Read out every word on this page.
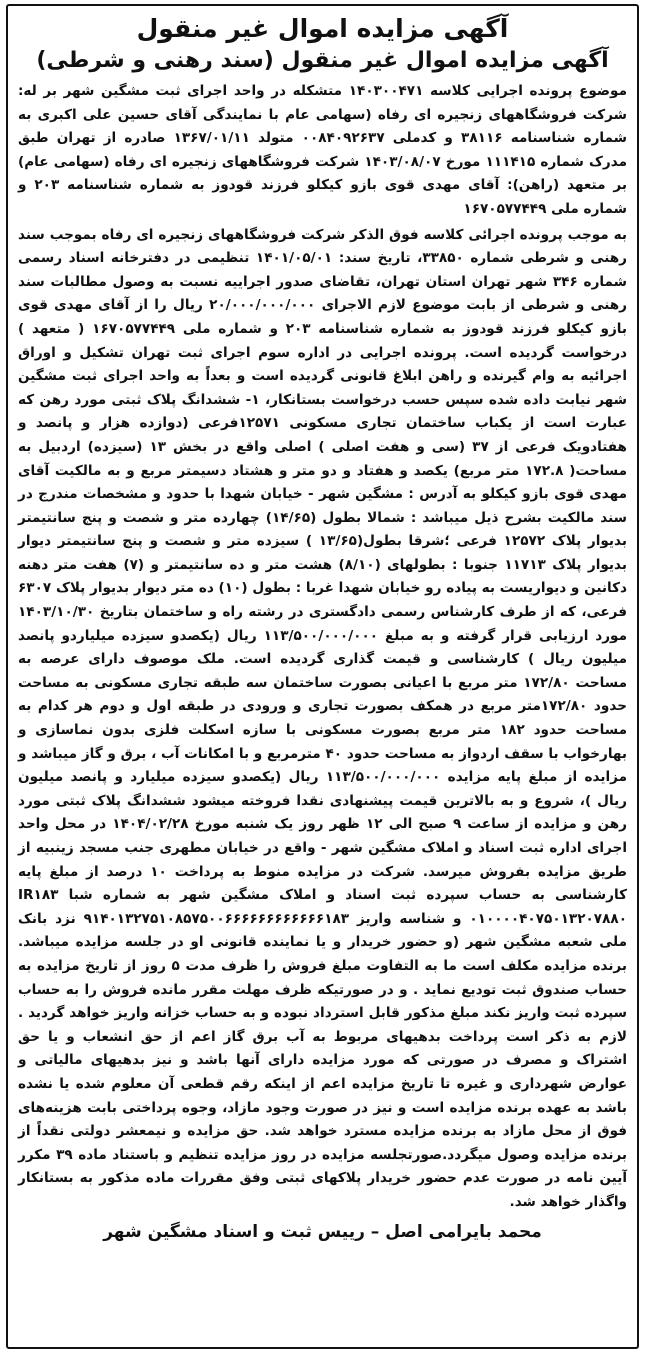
آگهی مزایده اموال غیر منقول
آگهی مزایده اموال غیر منقول (سند رهنی و شرطی)

موضوع پرونده اجرایی کلاسه ۱۴۰۳۰۰۴۷۱ متشکله در واحد اجرای ثبت مشگین شهر بر له: شرکت فروشگاههای زنجیره ای رفاه (سهامی عام با نمایندگی آقای حسین علی اکبری به شماره شناسنامه ۳۸۱۱۶ و کدملی ۰۰۸۴۰۹۲۶۳۷ متولد ۱۳۶۷/۰۱/۱۱ صادره از تهران طبق مدرک شماره ۱۱۱۴۱۵ مورخ ۱۴۰۳/۰۸/۰۷ شرکت فروشگاههای زنجیره ای رفاه (سهامی عام) بر متعهد (راهن): آقای مهدی قوی بازو کیکلو فرزند قودوز به شماره شناسنامه ۲۰۳ و شماره ملی ۱۶۷۰۵۷۷۴۴۹

به موجب پرونده اجرائی کلاسه فوق الذکر شرکت فروشگاههای زنجیره ای رفاه بموجب سند رهنی و شرطی شماره ۳۳۸۵۰، تاریخ سند: ۱۴۰۱/۰۵/۰۱ تنظیمی در دفترخانه اسناد رسمی شماره ۳۴۶ شهر تهران استان تهران، تقاضای صدور اجراییه نسبت به وصول مطالبات سند رهنی و شرطی از بابت موضوع لازم الاجرای ۲۰/۰۰۰/۰۰۰/۰۰۰ ریال را از آقای مهدی قوی بازو کیکلو فرزند قودوز به شماره شناسنامه ۲۰۳ و شماره ملی ۱۶۷۰۵۷۷۴۴۹ ( متعهد ) درخواست گردیده است. پرونده اجرایی در اداره سوم اجرای ثبت تهران تشکیل و اوراق اجرائیه به وام گیرنده و راهن ابلاغ قانونی گردیده است و بعداً به واحد اجرای ثبت مشگین شهر نیابت داده شده سپس حسب درخواست بستانکار، ۱- ششدانگ پلاک ثبتی مورد رهن که عبارت است از یکباب ساختمان تجاری مسکونی ۱۲۵۷۱فرعی (دوازده هزار و پانصد و هفتادویک فرعی از ۳۷ (سی و هفت اصلی ) اصلی واقع در بخش ۱۳ (سیزده) اردبیل به مساحت( ۱۷۲.۸ متر مربع) یکصد و هفتاد و دو متر و هشتاد دسیمتر مربع و به مالکیت آقای مهدی قوی بازو کیکلو به آدرس : مشگین شهر - خیابان شهدا با حدود و مشخصات مندرج در سند مالکیت بشرح ذیل میباشد : شمالا بطول (۱۴/۶۵) چهارده متر و شصت و پنج سانتیمتر بدیوار پلاک ۱۲۵۷۲ فرعی ؛شرقا بطول(۱۳/۶۵ ) سیزده متر و شصت و پنج سانتیمتر دیوار بدیوار پلاک ۱۱۷۱۳ جنوبا : بطولهای (۸/۱۰) هشت متر و ده سانتیمتر و (۷) هفت متر دهنه دکانین و دیواریست به پیاده رو خیابان شهدا غربا : بطول (۱۰) ده متر دیوار بدیوار پلاک ۶۳۰۷ فرعی، که از طرف کارشناس رسمی دادگستری در رشته راه و ساختمان بتاریخ ۱۴۰۳/۱۰/۳۰ مورد ارزیابی قرار گرفته و به مبلغ ۱۱۳/۵۰۰/۰۰۰/۰۰۰ ریال (یکصدو سیزده میلیاردو پانصد میلیون ریال ) کارشناسی و قیمت گذاری گردیده است. ملک موصوف دارای عرصه به مساحت ۱۷۲/۸۰ متر مربع با اعیانی بصورت ساختمان سه طبقه تجاری مسکونی به مساحت حدود ۱۷۲/۸۰متر مربع در همکف بصورت تجاری و ورودی در طبقه اول و دوم هر کدام به مساحت حدود ۱۸۲ متر مربع بصورت مسکونی با سازه اسکلت فلزی بدون نماسازی و بهارخواب با سقف اردواز به مساحت حدود ۴۰ مترمربع و با امکانات آب ، برق و گاز میباشد و مزایده از مبلغ پایه مزایده ۱۱۳/۵۰۰/۰۰۰/۰۰۰ ریال (یکصدو سیزده میلیارد و پانصد میلیون ریال )، شروع و به بالاترین قیمت پیشنهادی نقدا فروخته میشود ششدانگ پلاک ثبتی مورد رهن و مزایده از ساعت ۹ صبح الی ۱۲ ظهر روز یک شنبه مورخ ۱۴۰۴/۰۲/۲۸ در محل واحد اجرای اداره ثبت اسناد و املاک مشگین شهر - واقع در خیابان مطهری جنب مسجد زینبیه از طریق مزایده بفروش میرسد. شرکت در مزایده منوط به پرداخت ۱۰ درصد از مبلغ پایه کارشناسی به حساب سپرده ثبت اسناد و املاک مشگین شهر به شماره شبا IR۱۸۳ ۰۱۰۰۰۰۴۰۷۵۰۱۳۲۰۷۸۸۰ و شناسه واریز ۹۱۴۰۱۳۲۷۵۱۰۸۵۷۵۰۰۶۶۶۶۶۶۶۶۶۶۶۶۱۸۳ نزد بانک ملی شعبه مشگین شهر (و حضور خریدار و یا نماینده قانونی او در جلسه مزایده میباشد. برنده مزایده مکلف است ما به التفاوت مبلغ فروش را ظرف مدت ۵ روز از تاریخ مزایده به حساب صندوق ثبت تودیع نماید . و در صورتیکه ظرف مهلت مقرر مانده فروش را به حساب سپرده ثبت واریز نکند مبلغ مذکور قابل استرداد نبوده و به حساب خزانه واریز خواهد گردید . لازم به ذکر است پرداخت بدهیهای مربوط به آب برق گاز اعم از حق انشعاب و یا حق اشتراک و مصرف در صورتی که مورد مزایده دارای آنها باشد و نیز بدهیهای مالیاتی و عوارض شهرداری و غیره تا تاریخ مزایده اعم از اینکه رقم قطعی آن معلوم شده یا نشده باشد به عهده برنده مزایده است و نیز در صورت وجود مازاد، وجوه پرداختی بابت هزینه‌های فوق از محل مازاد به برنده مزایده مسترد خواهد شد. حق مزایده و نیمعشر دولتی نقداً از برنده مزایده وصول میگردد.صورتجلسه مزایده در روز مزایده تنظیم و باستناد ماده ۳۹ مکرر آیین نامه در صورت عدم حضور خریدار پلاکهای ثبتی وفق مقررات ماده مذکور به بستانکار واگذار خواهد شد.

محمد بایرامی اصل – رییس ثبت و اسناد مشگین شهر
